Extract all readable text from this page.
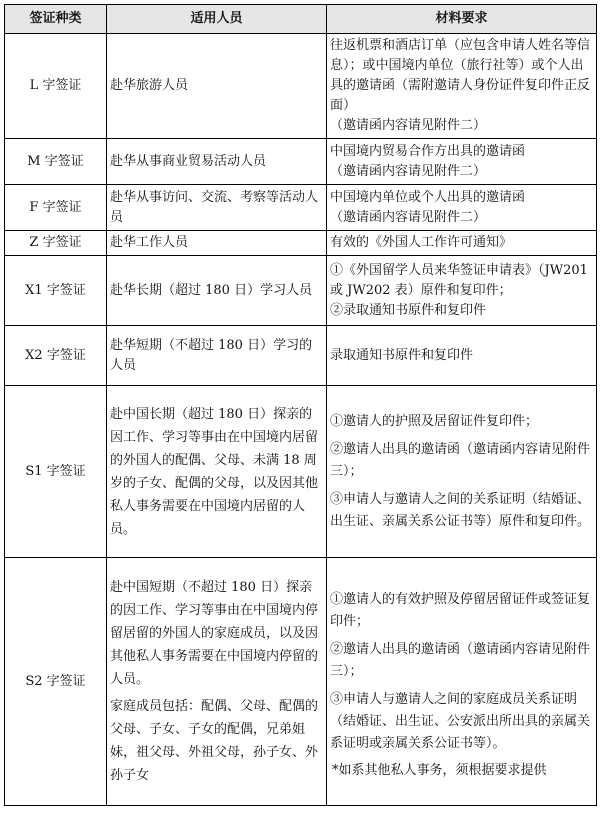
签证种类	适用人员	材料要求
L 字签证	赴华旅游人员	往返机票和酒店订单（应包含申请人姓名等信息）；或中国境内单位（旅行社等）或个人出具的邀请函（需附邀请人身份证件复印件正反面）
（邀请函内容请见附件二）

M 字签证	赴华从事商业贸易活动人员	中国境内贸易合作方出具的邀请函
（邀请函内容请见附件二）

F 字签证	赴华从事访问、交流、考察等活动人员	中国境内单位或个人出具的邀请函
（邀请函内容请见附件二）

Z 字签证	赴华工作人员	有效的《外国人工作许可通知》

X1 字签证	赴华长期（超过 180 日）学习人员	①《外国留学人员来华签证申请表》（JW201 或 JW202 表）原件和复印件；
②录取通知书原件和复印件

X2 字签证	赴华短期（不超过 180 日）学习的人员	录取通知书原件和复印件

S1 字签证	赴中国长期（超过 180 日）探亲的因工作、学习等事由在中国境内居留的外国人的配偶、父母、未满 18 周岁的子女、配偶的父母，以及因其他私人事务需要在中国境内居留的人员。	①邀请人的护照及居留证件复印件；
②邀请人出具的邀请函（邀请函内容请见附件三）；
③申请人与邀请人之间的关系证明（结婚证、出生证、亲属关系公证书等）原件和复印件。

S2 字签证	赴中国短期（不超过 180 日）探亲的因工作、学习等事由在中国境内停留居留的外国人的家庭成员，以及因其他私人事务需要在中国境内停留的人员。
家庭成员包括：配偶、父母、配偶的父母、子女、子女的配偶，兄弟姐妹，祖父母、外祖父母，孙子女、外孙子女	①邀请人的有效护照及停留居留证件或签证复印件；
②邀请人出具的邀请函（邀请函内容请见附件三）；
③申请人与邀请人之间的家庭成员关系证明（结婚证、出生证、公安派出所出具的亲属关系证明或亲属关系公证书等）。
*如系其他私人事务，须根据要求提供
